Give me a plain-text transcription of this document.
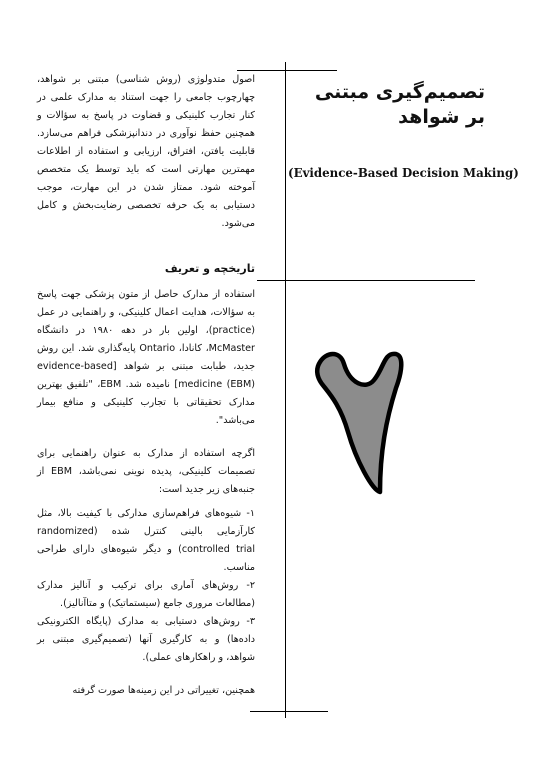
تصمیم‌گیری مبتنی بر شواهد
(Evidence-Based Decision Making)

اصول متدولوژی (روش شناسی) مبتنی بر شواهد، چهارچوب جامعی را جهت استناد به مدارک علمی در کنار تجارب کلینیکی و قضاوت در پاسخ به سؤالات و همچنین حفظ نوآوری در دندانپزشکی فراهم می‌سازد. قابلیت یافتن، افتراق، ارزیابی و استفاده از اطلاعات مهمترین مهارتی است که باید توسط یک متخصص آموخته شود. ممتاز شدن در این مهارت، موجب دستیابی به یک حرفه تخصصی رضایت‌بخش و کامل می‌شود.

تاریخچه و تعریف

استفاده از مدارک حاصل از متون پزشکی جهت پاسخ به سؤالات، هدایت اعمال کلینیکی، و راهنمایی در عمل (practice)، اولین بار در دهه ۱۹۸۰ در دانشگاه McMaster، کانادا، Ontario پایه‌گذاری شد. این روش جدید، طبابت مبتنی بر شواهد [evidence-based medicine (EBM)] نامیده شد. EBM، "تلفیق بهترین مدارک تحقیقاتی با تجارب کلینیکی و منافع بیمار می‌باشد".

اگرچه استفاده از مدارک به عنوان راهنمایی برای تصمیمات کلینیکی، پدیده نوینی نمی‌باشد، EBM از جنبه‌های زیر جدید است:

۱- شیوه‌های فراهم‌سازی مدارکی با کیفیت بالا، مثل کارآزمایی بالینی کنترل شده (randomized controlled trial) و دیگر شیوه‌های دارای طراحی مناسب.

۲- روش‌های آماری برای ترکیب و آنالیز مدارک (مطالعات مروری جامع (سیستماتیک) و متاآنالیز).

۳- روش‌های دستیابی به مدارک (پایگاه الکترونیکی داده‌ها) و به کارگیری آنها (تصمیم‌گیری مبتنی بر شواهد، و راهکارهای عملی).

همچنین، تغییراتی در این زمینه‌ها صورت گرفته
